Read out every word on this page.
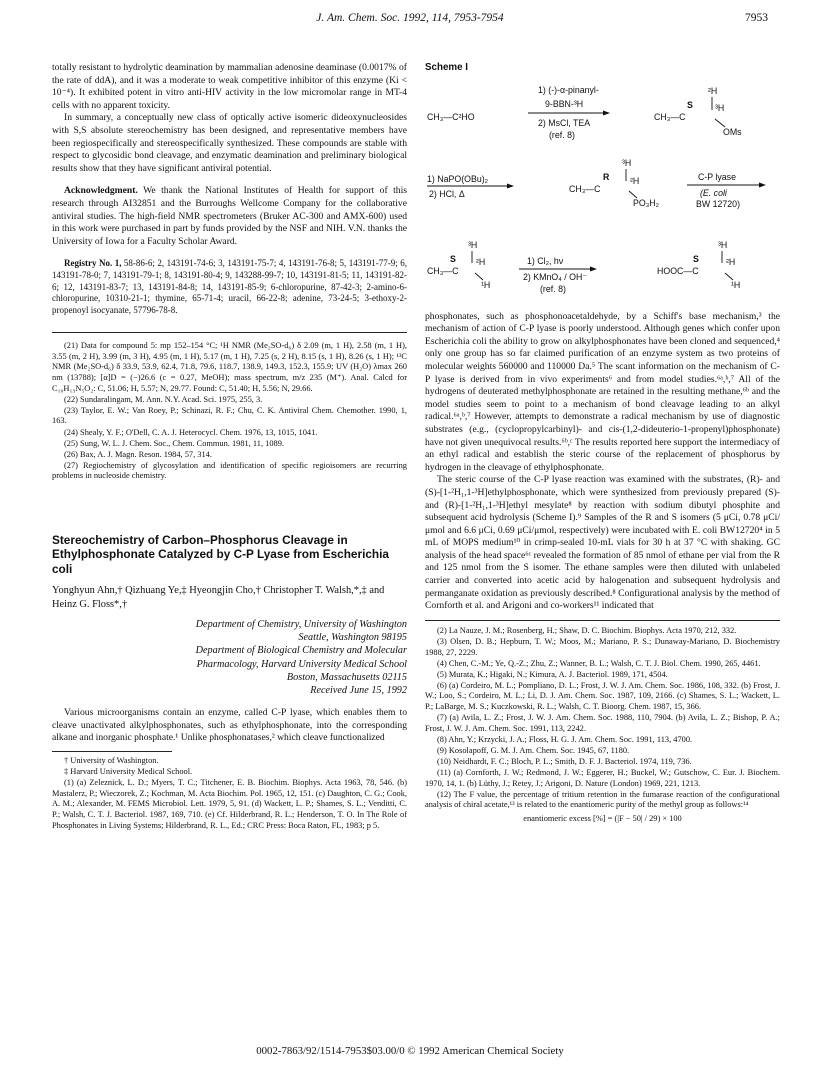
J. Am. Chem. Soc. 1992, 114, 7953-7954	7953

totally resistant to hydrolytic deamination by mammalian adenosine deaminase (0.0017% of the rate of ddA), and it was a moderate to weak competitive inhibitor of this enzyme (Ki < 10⁻⁴). It exhibited potent in vitro anti-HIV activity in the low micromolar range in MT-4 cells with no apparent toxicity.

In summary, a conceptually new class of optically active isomeric dideoxynucleosides with S,S absolute stereochemistry has been designed, and representative members have been regiospecifically and stereospecifically synthesized. These compounds are stable with respect to glycosidic bond cleavage, and enzymatic deamination and preliminary biological results show that they have significant antiviral potential.

Acknowledgment. We thank the National Institutes of Health for support of this research through AI32851 and the Burroughs Wellcome Company for the collaborative antiviral studies. The high-field NMR spectrometers (Bruker AC-300 and AMX-600) used in this work were purchased in part by funds provided by the NSF and NIH. V.N. thanks the University of Iowa for a Faculty Scholar Award.

Registry No. 1, 58-86-6; 2, 143191-74-6; 3, 143191-75-7; 4, 143191-76-8; 5, 143191-77-9; 6, 143191-78-0; 7, 143191-79-1; 8, 143191-80-4; 9, 143288-99-7; 10, 143191-81-5; 11, 143191-82-6; 12, 143191-83-7; 13, 143191-84-8; 14, 143191-85-9; 6-chloropurine, 87-42-3; 2-amino-6-chloropurine, 10310-21-1; thymine, 65-71-4; uracil, 66-22-8; adenine, 73-24-5; 3-ethoxy-2-propenoyl isocyanate, 57796-78-8.

(21) Data for compound 5: mp 152–154 °C; ¹H NMR (Me₂SO-d₆) δ 2.09 (m, 1 H), 2.58 (m, 1 H), 3.55 (m, 2 H), 3.99 (m, 3 H), 4.95 (m, 1 H), 5.17 (m, 1 H), 7.25 (s, 2 H), 8.15 (s, 1 H), 8.26 (s, 1 H); ¹³C NMR (Me₂SO-d₆) δ 33.9, 53.9, 62.4, 71.8, 79.6, 118.7, 138.9, 149.3, 152.3, 155.9; UV (H₂O) λmax 260 nm (13788); [α]D = (−)26.6 (c = 0.27, MeOH); mass spectrum, m/z 235 (M⁺). Anal. Calcd for C₁₀H₁₃N₅O₂: C, 51.06; H, 5.57; N, 29.77. Found: C, 51.40; H, 5.56; N, 29.66.

(22) Sundaralingam, M. Ann. N.Y. Acad. Sci. 1975, 255, 3.

(23) Taylor, E. W.; Van Roey, P.; Schinazi, R. F.; Chu, C. K. Antiviral Chem. Chemother. 1990, 1, 163.

(24) Shealy, Y. F.; O'Dell, C. A. J. Heterocycl. Chem. 1976, 13, 1015, 1041.

(25) Sung, W. L. J. Chem. Soc., Chem. Commun. 1981, 11, 1089.

(26) Bax, A. J. Magn. Reson. 1984, 57, 314.

(27) Regiochemistry of glycosylation and identification of specific regioisomers are recurring problems in nucleoside chemistry.

Stereochemistry of Carbon–Phosphorus Cleavage in Ethylphosphonate Catalyzed by C-P Lyase from Escherichia coli
Yonghyun Ahn,† Qizhuang Ye,‡ Hyeongjin Cho,† Christopher T. Walsh,*,‡ and Heinz G. Floss*,†
Department of Chemistry, University of Washington
Seattle, Washington 98195
Department of Biological Chemistry and Molecular
Pharmacology, Harvard University Medical School
Boston, Massachusetts 02115
Received June 15, 1992

Various microorganisms contain an enzyme, called C-P lyase, which enables them to cleave unactivated alkylphosphonates, such as ethylphosphonate, into the corresponding alkane and inorganic phosphate.¹ Unlike phosphonatases,² which cleave functionalized

† University of Washington.

‡ Harvard University Medical School.

(1) (a) Zeleznick, L. D.; Myers, T. C.; Titchener, E. B. Biochim. Biophys. Acta 1963, 78, 546. (b) Mastalerz, P.; Wieczorek, Z.; Kochman, M. Acta Biochim. Pol. 1965, 12, 151. (c) Daughton, C. G.; Cook, A. M.; Alexander, M. FEMS Microbiol. Lett. 1979, 5, 91. (d) Wackett, L. P.; Shames, S. L.; Venditti, C. P.; Walsh, C. T. J. Bacteriol. 1987, 169, 710. (e) Cf. Hilderbrand, R. L.; Henderson, T. O. In The Role of Phosphonates in Living Systems; Hilderbrand, R. L., Ed.; CRC Press: Boca Raton, FL, 1983; p 5.

Scheme I
CH₃—C²HO
1) (-)-α-pinanyl-
9-BBN-³H
2) MsCl, TEA
(ref. 8)
²H
S	³H
CH₃—C
OMs
³H
1) NaPO(OBu)₂
2) HCl, Δ
R ²H
CH₃—C
PO₃H₂
C-P lyase
(E. coli
BW 12720)
³H
S ²H
CH₃—C
¹H
1) Cl₂, hν
2) KMnO₄ / OH⁻
(ref. 8)
³H
S	²H
HOOC—C
¹H

phosphonates, such as phosphonoacetaldehyde, by a Schiff's base mechanism,³ the mechanism of action of C-P lyase is poorly understood. Although genes which confer upon Escherichia coli the ability to grow on alkylphosphonates have been cloned and sequenced,⁴ only one group has so far claimed purification of an enzyme system as two proteins of molecular weights 560000 and 110000 Da.⁵ The scant information on the mechanism of C-P lyase is derived from in vivo experiments⁶ and from model studies.⁶ᵃ,ᵇ,⁷ All of the hydrogens of deuterated methylphosphonate are retained in the resulting methane,⁶ᵇ and the model studies seem to point to a mechanism of bond cleavage leading to an alkyl radical.⁶ᵃ,ᵇ,⁷ However, attempts to demonstrate a radical mechanism by use of diagnostic substrates (e.g., (cyclopropylcarbinyl)- and cis-(1,2-dideuterio-1-propenyl)phosphonate) have not given unequivocal results.⁶ᵇ,ᶜ The results reported here support the intermediacy of an ethyl radical and establish the steric course of the replacement of phosphorus by hydrogen in the cleavage of ethylphosphonate.

The steric course of the C-P lyase reaction was examined with the substrates, (R)- and (S)-[1-²H₁,1-³H]ethylphosphonate, which were synthesized from previously prepared (S)- and (R)-[1-²H₁,1-³H]ethyl mesylate⁸ by reaction with sodium dibutyl phosphite and subsequent acid hydrolysis (Scheme I).⁹ Samples of the R and S isomers (5 μCi, 0.78 μCi/μmol and 6.6 μCi, 0.69 μCi/μmol, respectively) were incubated with E. coli BW12720⁴ in 5 mL of MOPS medium¹⁰ in crimp-sealed 10-mL vials for 30 h at 37 °C with shaking. GC analysis of the head space⁶ᶜ revealed the formation of 85 nmol of ethane per vial from the R and 125 nmol from the S isomer. The ethane samples were then diluted with unlabeled carrier and converted into acetic acid by halogenation and subsequent hydrolysis and permanganate oxidation as previously described.⁸ Configurational analysis by the method of Cornforth et al. and Arigoni and co-workers¹¹ indicated that

(2) La Nauze, J. M.; Rosenberg, H.; Shaw, D. C. Biochim. Biophys. Acta 1970, 212, 332.

(3) Olsen, D. B.; Hepburn, T. W.; Moos, M.; Mariano, P. S.; Dunaway-Mariano, D. Biochemistry 1988, 27, 2229.

(4) Chen, C.-M.; Ye, Q.-Z.; Zhu, Z.; Wanner, B. L.; Walsh, C. T. J. Biol. Chem. 1990, 265, 4461.

(5) Murata, K.; Higaki, N.; Kimura, A. J. Bacteriol. 1989, 171, 4504.

(6) (a) Cordeiro, M. L.; Pompliano, D. L.; Frost, J. W. J. Am. Chem. Soc. 1986, 108, 332. (b) Frost, J. W.; Loo, S.; Cordeiro, M. L.; Li, D. J. Am. Chem. Soc. 1987, 109, 2166. (c) Shames, S. L.; Wackett, L. P.; LaBarge, M. S.; Kuczkowski, R. L.; Walsh, C. T. Bioorg. Chem. 1987, 15, 366.

(7) (a) Avila, L. Z.; Frost, J. W. J. Am. Chem. Soc. 1988, 110, 7904. (b) Avila, L. Z.; Bishop, P. A.; Frost, J. W. J. Am. Chem. Soc. 1991, 113, 2242.

(8) Ahn, Y.; Krzycki, J. A.; Floss, H. G. J. Am. Chem. Soc. 1991, 113, 4700.

(9) Kosolapoff, G. M. J. Am. Chem. Soc. 1945, 67, 1180.

(10) Neidhardt, F. C.; Bloch, P. L.; Smith, D. F. J. Bacteriol. 1974, 119, 736.

(11) (a) Cornforth, J. W.; Redmond, J. W.; Eggerer, H.; Buckel, W.; Gutschow, C. Eur. J. Biochem. 1970, 14, 1. (b) Lüthy, J.; Retey, J.; Arigoni, D. Nature (London) 1969, 221, 1213.

(12) The F value, the percentage of tritium retention in the fumarase reaction of the configurational analysis of chiral acetate,¹³ is related to the enantiomeric purity of the methyl group as follows:¹⁴

enantiomeric excess [%] = (|F − 50| / 29) × 100
0002-7863/92/1514-7953$03.00/0 © 1992 American Chemical Society
